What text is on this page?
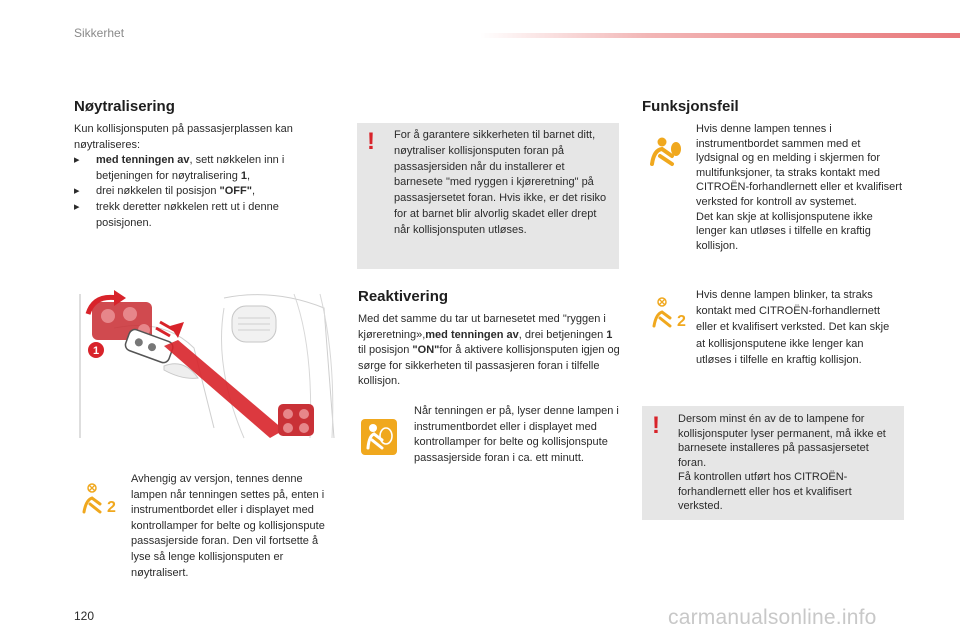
Sikkerhet
Nøytralisering
Kun kollisjonsputen på passasjerplassen kan nøytraliseres:
▸	med tenningen av, sett nøkkelen inn i betjeningen for nøytralisering 1,
▸	drei nøkkelen til posisjon "OFF",
▸	trekk deretter nøkkelen rett ut i denne posisjonen.
1
2
Avhengig av versjon, tennes denne lampen når tenningen settes på, enten i instrumentbordet eller i displayet med kontrollamper for belte og kollisjonspute passasjerside foran. Den vil fortsette å lyse så lenge kollisjonsputen er nøytralisert.
! For å garantere sikkerheten til barnet ditt, nøytraliser kollisjonsputen foran på passasjersiden når du installerer et barnesete "med ryggen i kjøreretning" på passasjersetet foran. Hvis ikke, er det risiko for at barnet blir alvorlig skadet eller drept når kollisjonsputen utløses.
Reaktivering
Med det samme du tar ut barnesetet med "ryggen i kjøreretning»,med tenningen av, drei betjeningen 1 til posisjon "ON"for å aktivere kollisjonsputen igjen og sørge for sikkerheten til passasjeren foran i tilfelle kollisjon.
Når tenningen er på, lyser denne lampen i instrumentbordet eller i displayet med kontrollamper for belte og kollisjonspute passasjerside foran i ca. ett minutt.
Funksjonsfeil
Hvis denne lampen tennes i instrumentbordet sammen med et lydsignal og en melding i skjermen for multifunksjoner, ta straks kontakt med CITROËN-forhandlernett eller et kvalifisert verksted for kontroll av systemet.
Det kan skje at kollisjonsputene ikke lenger kan utløses i tilfelle en kraftig kollisjon.
2
Hvis denne lampen blinker, ta straks kontakt med CITROËN-forhandlernett eller et kvalifisert verksted. Det kan skje at kollisjonsputene ikke lenger kan utløses i tilfelle en kraftig kollisjon.
! Dersom minst én av de to lampene for kollisjonsputer lyser permanent, må ikke et barnesete installeres på passasjersetet foran.
Få kontrollen utført hos CITROËN-forhandlernett eller hos et kvalifisert verksted.
120	carmanualsonline.info
